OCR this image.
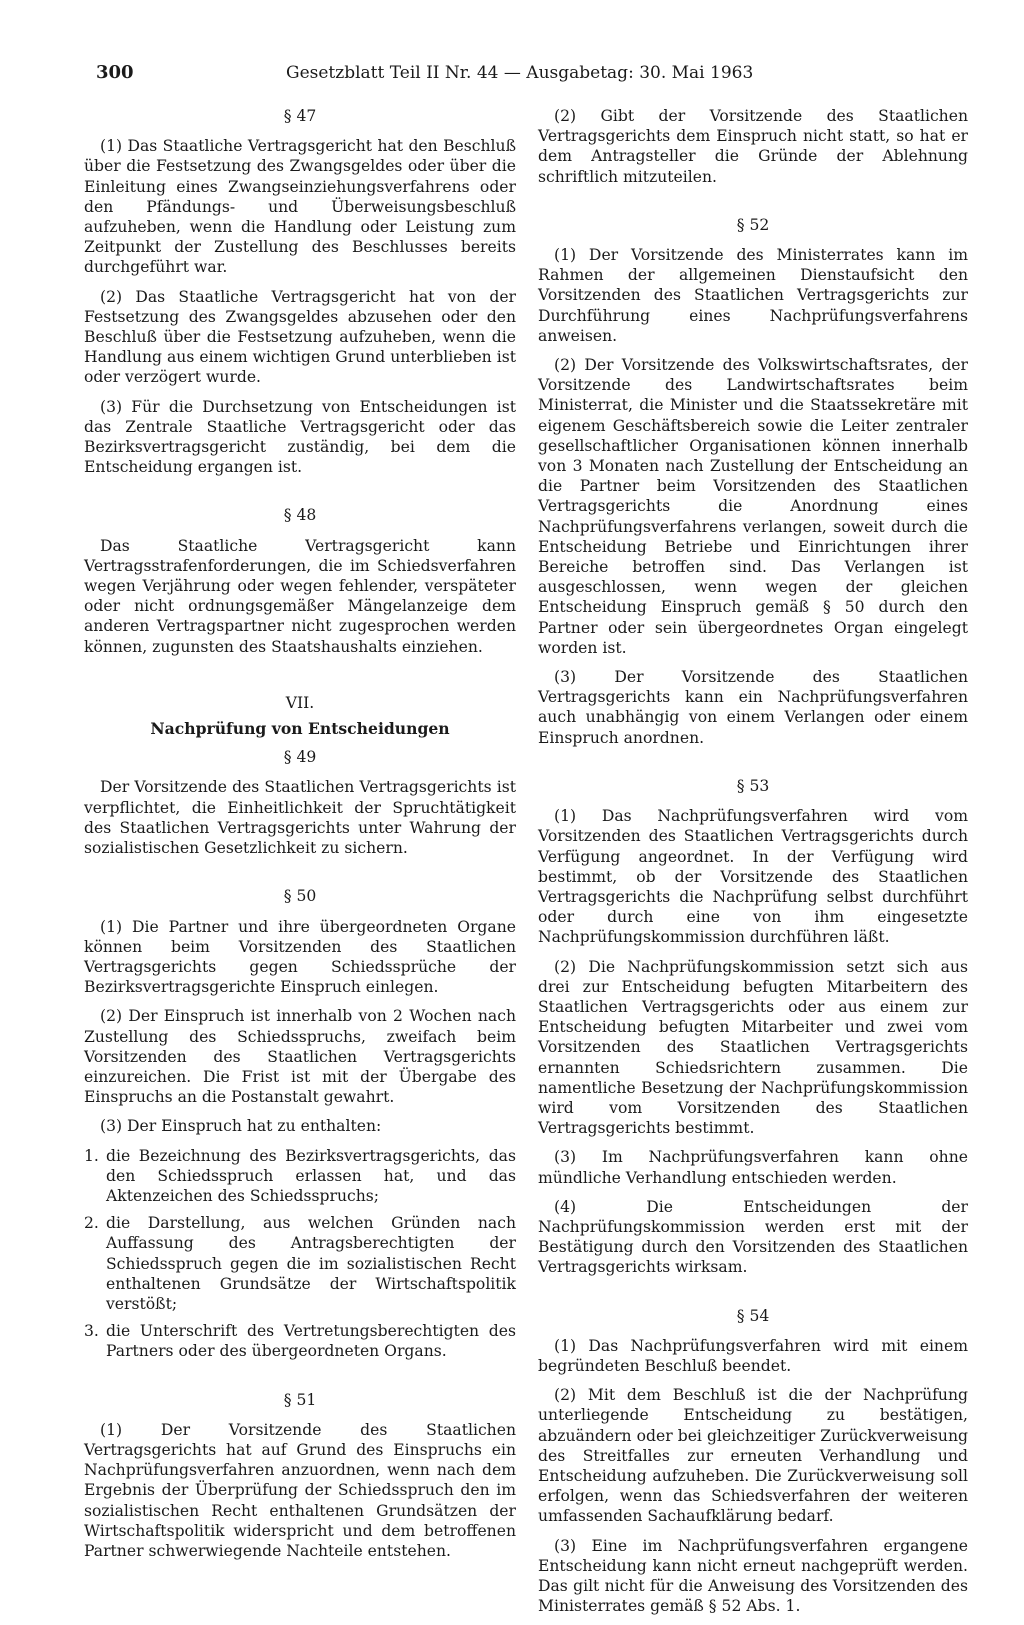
300	Gesetzblatt Teil II Nr. 44 — Ausgabetag: 30. Mai 1963
§ 47

(1) Das Staatliche Vertragsgericht hat den Beschluß über die Festsetzung des Zwangsgeldes oder über die Einleitung eines Zwangseinziehungsverfahrens oder den Pfändungs- und Überweisungsbeschluß aufzuheben, wenn die Handlung oder Leistung zum Zeitpunkt der Zustellung des Beschlusses bereits durchgeführt war.

(2) Das Staatliche Vertragsgericht hat von der Festsetzung des Zwangsgeldes abzusehen oder den Beschluß über die Festsetzung aufzuheben, wenn die Handlung aus einem wichtigen Grund unterblieben ist oder verzögert wurde.

(3) Für die Durchsetzung von Entscheidungen ist das Zentrale Staatliche Vertragsgericht oder das Bezirksvertragsgericht zuständig, bei dem die Entscheidung ergangen ist.

§ 48

Das Staatliche Vertragsgericht kann Vertragsstrafenforderungen, die im Schiedsverfahren wegen Verjährung oder wegen fehlender, verspäteter oder nicht ordnungsgemäßer Mängelanzeige dem anderen Vertragspartner nicht zugesprochen werden können, zugunsten des Staatshaushalts einziehen.

VII.
Nachprüfung von Entscheidungen
§ 49

Der Vorsitzende des Staatlichen Vertragsgerichts ist verpflichtet, die Einheitlichkeit der Spruchtätigkeit des Staatlichen Vertragsgerichts unter Wahrung der sozialistischen Gesetzlichkeit zu sichern.

§ 50

(1) Die Partner und ihre übergeordneten Organe können beim Vorsitzenden des Staatlichen Vertragsgerichts gegen Schiedssprüche der Bezirksvertragsgerichte Einspruch einlegen.

(2) Der Einspruch ist innerhalb von 2 Wochen nach Zustellung des Schiedsspruchs, zweifach beim Vorsitzenden des Staatlichen Vertragsgerichts einzureichen. Die Frist ist mit der Übergabe des Einspruchs an die Postanstalt gewahrt.

(3) Der Einspruch hat zu enthalten:

1. die Bezeichnung des Bezirksvertragsgerichts, das den Schiedsspruch erlassen hat, und das Aktenzeichen des Schiedsspruchs;
2. die Darstellung, aus welchen Gründen nach Auffassung des Antragsberechtigten der Schiedsspruch gegen die im sozialistischen Recht enthaltenen Grundsätze der Wirtschaftspolitik verstößt;
3. die Unterschrift des Vertretungsberechtigten des Partners oder des übergeordneten Organs.
§ 51

(1) Der Vorsitzende des Staatlichen Vertragsgerichts hat auf Grund des Einspruchs ein Nachprüfungsverfahren anzuordnen, wenn nach dem Ergebnis der Überprüfung der Schiedsspruch den im sozialistischen Recht enthaltenen Grundsätzen der Wirtschaftspolitik widerspricht und dem betroffenen Partner schwerwiegende Nachteile entstehen.

(2) Gibt der Vorsitzende des Staatlichen Vertragsgerichts dem Einspruch nicht statt, so hat er dem Antragsteller die Gründe der Ablehnung schriftlich mitzuteilen.

§ 52

(1) Der Vorsitzende des Ministerrates kann im Rahmen der allgemeinen Dienstaufsicht den Vorsitzenden des Staatlichen Vertragsgerichts zur Durchführung eines Nachprüfungsverfahrens anweisen.

(2) Der Vorsitzende des Volkswirtschaftsrates, der Vorsitzende des Landwirtschaftsrates beim Ministerrat, die Minister und die Staatssekretäre mit eigenem Geschäftsbereich sowie die Leiter zentraler gesellschaftlicher Organisationen können innerhalb von 3 Monaten nach Zustellung der Entscheidung an die Partner beim Vorsitzenden des Staatlichen Vertragsgerichts die Anordnung eines Nachprüfungsverfahrens verlangen, soweit durch die Entscheidung Betriebe und Einrichtungen ihrer Bereiche betroffen sind. Das Verlangen ist ausgeschlossen, wenn wegen der gleichen Entscheidung Einspruch gemäß § 50 durch den Partner oder sein übergeordnetes Organ eingelegt worden ist.

(3) Der Vorsitzende des Staatlichen Vertragsgerichts kann ein Nachprüfungsverfahren auch unabhängig von einem Verlangen oder einem Einspruch anordnen.

§ 53

(1) Das Nachprüfungsverfahren wird vom Vorsitzenden des Staatlichen Vertragsgerichts durch Verfügung angeordnet. In der Verfügung wird bestimmt, ob der Vorsitzende des Staatlichen Vertragsgerichts die Nachprüfung selbst durchführt oder durch eine von ihm eingesetzte Nachprüfungskommission durchführen läßt.

(2) Die Nachprüfungskommission setzt sich aus drei zur Entscheidung befugten Mitarbeitern des Staatlichen Vertragsgerichts oder aus einem zur Entscheidung befugten Mitarbeiter und zwei vom Vorsitzenden des Staatlichen Vertragsgerichts ernannten Schiedsrichtern zusammen. Die namentliche Besetzung der Nachprüfungskommission wird vom Vorsitzenden des Staatlichen Vertragsgerichts bestimmt.

(3) Im Nachprüfungsverfahren kann ohne mündliche Verhandlung entschieden werden.

(4) Die Entscheidungen der Nachprüfungskommission werden erst mit der Bestätigung durch den Vorsitzenden des Staatlichen Vertragsgerichts wirksam.

§ 54

(1) Das Nachprüfungsverfahren wird mit einem begründeten Beschluß beendet.

(2) Mit dem Beschluß ist die der Nachprüfung unterliegende Entscheidung zu bestätigen, abzuändern oder bei gleichzeitiger Zurückverweisung des Streitfalles zur erneuten Verhandlung und Entscheidung aufzuheben. Die Zurückverweisung soll erfolgen, wenn das Schiedsverfahren der weiteren umfassenden Sachaufklärung bedarf.

(3) Eine im Nachprüfungsverfahren ergangene Entscheidung kann nicht erneut nachgeprüft werden. Das gilt nicht für die Anweisung des Vorsitzenden des Ministerrates gemäß § 52 Abs. 1.
